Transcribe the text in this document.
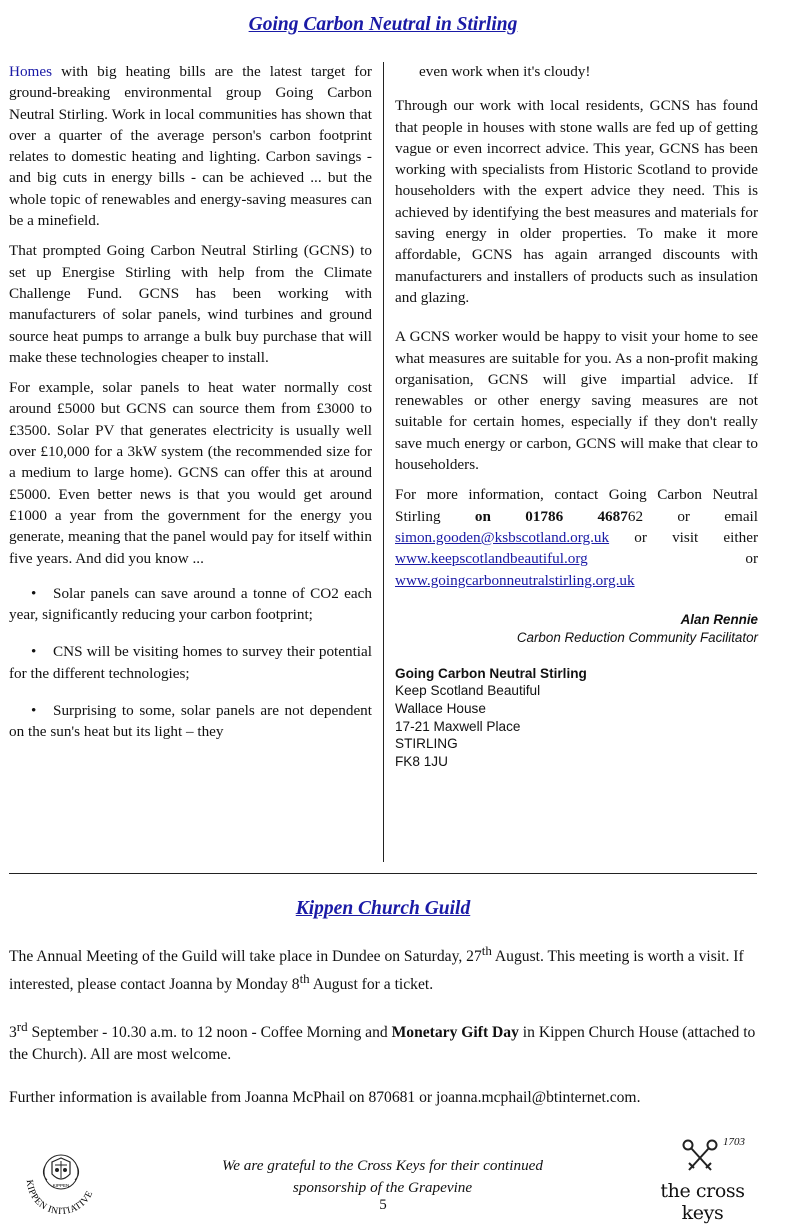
Going Carbon Neutral in Stirling

Homes with big heating bills are the latest target for ground-breaking environmental group Going Carbon Neutral Stirling. Work in local communities has shown that over a quarter of the average person's carbon footprint relates to domestic heating and lighting. Carbon savings - and big cuts in energy bills - can be achieved ... but the whole topic of renewables and energy-saving measures can be a minefield.

That prompted Going Carbon Neutral Stirling (GCNS) to set up Energise Stirling with help from the Climate Challenge Fund. GCNS has been working with manufacturers of solar panels, wind turbines and ground source heat pumps to arrange a bulk buy purchase that will make these technologies cheaper to install.

For example, solar panels to heat water normally cost around £5000 but GCNS can source them from £3000 to £3500. Solar PV that generates electricity is usually well over £10,000 for a 3kW system (the recommended size for a medium to large home). GCNS can offer this at around £5000. Even better news is that you would get around £1000 a year from the government for the energy you generate, meaning that the panel would pay for itself within five years. And did you know ...

• Solar panels can save around a tonne of CO2 each year, significantly reducing your carbon footprint;
• CNS will be visiting homes to survey their potential for the different technologies;
• Surprising to some, solar panels are not dependent on the sun's heat but its light – they

even work when it's cloudy!

Through our work with local residents, GCNS has found that people in houses with stone walls are fed up of getting vague or even incorrect advice. This year, GCNS has been working with specialists from Historic Scotland to provide householders with the expert advice they need. This is achieved by identifying the best measures and materials for saving energy in older properties. To make it more affordable, GCNS has again arranged discounts with manufacturers and installers of products such as insulation and glazing.

A GCNS worker would be happy to visit your home to see what measures are suitable for you. As a non-profit making organisation, GCNS will give impartial advice. If renewables or other energy saving measures are not suitable for certain homes, especially if they don't really save much energy or carbon, GCNS will make that clear to householders.

For more information, contact Going Carbon Neutral Stirling on 01786 468762 or email simon.gooden@ksbscotland.org.uk or visit either www.keepscotlandbeautiful.org or www.goingcarbonneutralstirling.org.uk

Alan Rennie
Carbon Reduction Community Facilitator
Going Carbon Neutral Stirling
Keep Scotland Beautiful
Wallace House
17-21 Maxwell Place
STIRLING
FK8 1JU
Kippen Church Guild

The Annual Meeting of the Guild will take place in Dundee on Saturday, 27th August. This meeting is worth a visit. If interested, please contact Joanna by Monday 8th August for a ticket.

3rd September - 10.30 a.m. to 12 noon - Coffee Morning and Monetary Gift Day in Kippen Church House (attached to the Church). All are most welcome.

Further information is available from Joanna McPhail on 870681 or joanna.mcphail@btinternet.com.

KIPPEN
KIPPEN INITIATIVE
We are grateful to the Cross Keys for their continued
sponsorship of the Grapevine
5
1703
the cross keys
